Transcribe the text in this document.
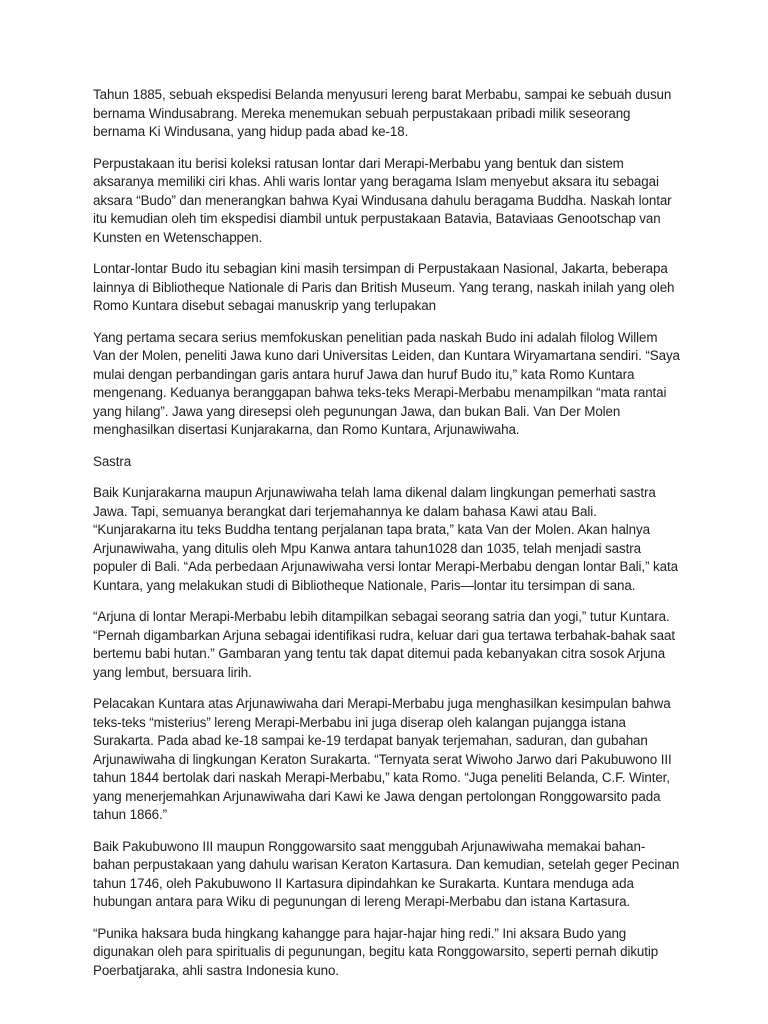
Tahun 1885, sebuah ekspedisi Belanda menyusuri lereng barat Merbabu, sampai ke sebuah dusun bernama Windusabrang. Mereka menemukan sebuah perpustakaan pribadi milik seseorang bernama Ki Windusana, yang hidup pada abad ke-18.

Perpustakaan itu berisi koleksi ratusan lontar dari Merapi-Merbabu yang bentuk dan sistem aksaranya memiliki ciri khas. Ahli waris lontar yang beragama Islam menyebut aksara itu sebagai aksara “Budo” dan menerangkan bahwa Kyai Windusana dahulu beragama Buddha. Naskah lontar itu kemudian oleh tim ekspedisi diambil untuk perpustakaan Batavia, Bataviaas Genootschap van Kunsten en Wetenschappen.

Lontar-lontar Budo itu sebagian kini masih tersimpan di Perpustakaan Nasional, Jakarta, beberapa lainnya di Bibliotheque Nationale di Paris dan British Museum. Yang terang, naskah inilah yang oleh Romo Kuntara disebut sebagai manuskrip yang terlupakan

Yang pertama secara serius memfokuskan penelitian pada naskah Budo ini adalah filolog Willem Van der Molen, peneliti Jawa kuno dari Universitas Leiden, dan Kuntara Wiryamartana sendiri. “Saya mulai dengan perbandingan garis antara huruf Jawa dan huruf Budo itu,” kata Romo Kuntara mengenang. Keduanya beranggapan bahwa teks-teks Merapi-Merbabu menampilkan “mata rantai yang hilang”. Jawa yang diresepsi oleh pegunungan Jawa, dan bukan Bali. Van Der Molen menghasilkan disertasi Kunjarakarna, dan Romo Kuntara, Arjunawiwaha.

Sastra

Baik Kunjarakarna maupun Arjunawiwaha telah lama dikenal dalam lingkungan pemerhati sastra Jawa. Tapi, semuanya berangkat dari terjemahannya ke dalam bahasa Kawi atau Bali. “Kunjarakarna itu teks Buddha tentang perjalanan tapa brata,” kata Van der Molen. Akan halnya Arjunawiwaha, yang ditulis oleh Mpu Kanwa antara tahun1028 dan 1035, telah menjadi sastra populer di Bali. “Ada perbedaan Arjunawiwaha versi lontar Merapi-Merbabu dengan lontar Bali,” kata Kuntara, yang melakukan studi di Bibliotheque Nationale, Paris—lontar itu tersimpan di sana.

“Arjuna di lontar Merapi-Merbabu lebih ditampilkan sebagai seorang satria dan yogi,” tutur Kuntara. “Pernah digambarkan Arjuna sebagai identifikasi rudra, keluar dari gua tertawa terbahak-bahak saat bertemu babi hutan.” Gambaran yang tentu tak dapat ditemui pada kebanyakan citra sosok Arjuna yang lembut, bersuara lirih.

Pelacakan Kuntara atas Arjunawiwaha dari Merapi-Merbabu juga menghasilkan kesimpulan bahwa teks-teks “misterius” lereng Merapi-Merbabu ini juga diserap oleh kalangan pujangga istana Surakarta. Pada abad ke-18 sampai ke-19 terdapat banyak terjemahan, saduran, dan gubahan Arjunawiwaha di lingkungan Keraton Surakarta. “Ternyata serat Wiwoho Jarwo dari Pakubuwono III tahun 1844 bertolak dari naskah Merapi-Merbabu,” kata Romo. “Juga peneliti Belanda, C.F. Winter, yang menerjemahkan Arjunawiwaha dari Kawi ke Jawa dengan pertolongan Ronggowarsito pada tahun 1866.”

Baik Pakubuwono III maupun Ronggowarsito saat menggubah Arjunawiwaha memakai bahan-bahan perpustakaan yang dahulu warisan Keraton Kartasura. Dan kemudian, setelah geger Pecinan tahun 1746, oleh Pakubuwono II Kartasura dipindahkan ke Surakarta. Kuntara menduga ada hubungan antara para Wiku di pegunungan di lereng Merapi-Merbabu dan istana Kartasura.

“Punika haksara buda hingkang kahangge para hajar-hajar hing redi.” Ini aksara Budo yang digunakan oleh para spiritualis di pegunungan, begitu kata Ronggowarsito, seperti pernah dikutip Poerbatjaraka, ahli sastra Indonesia kuno.
